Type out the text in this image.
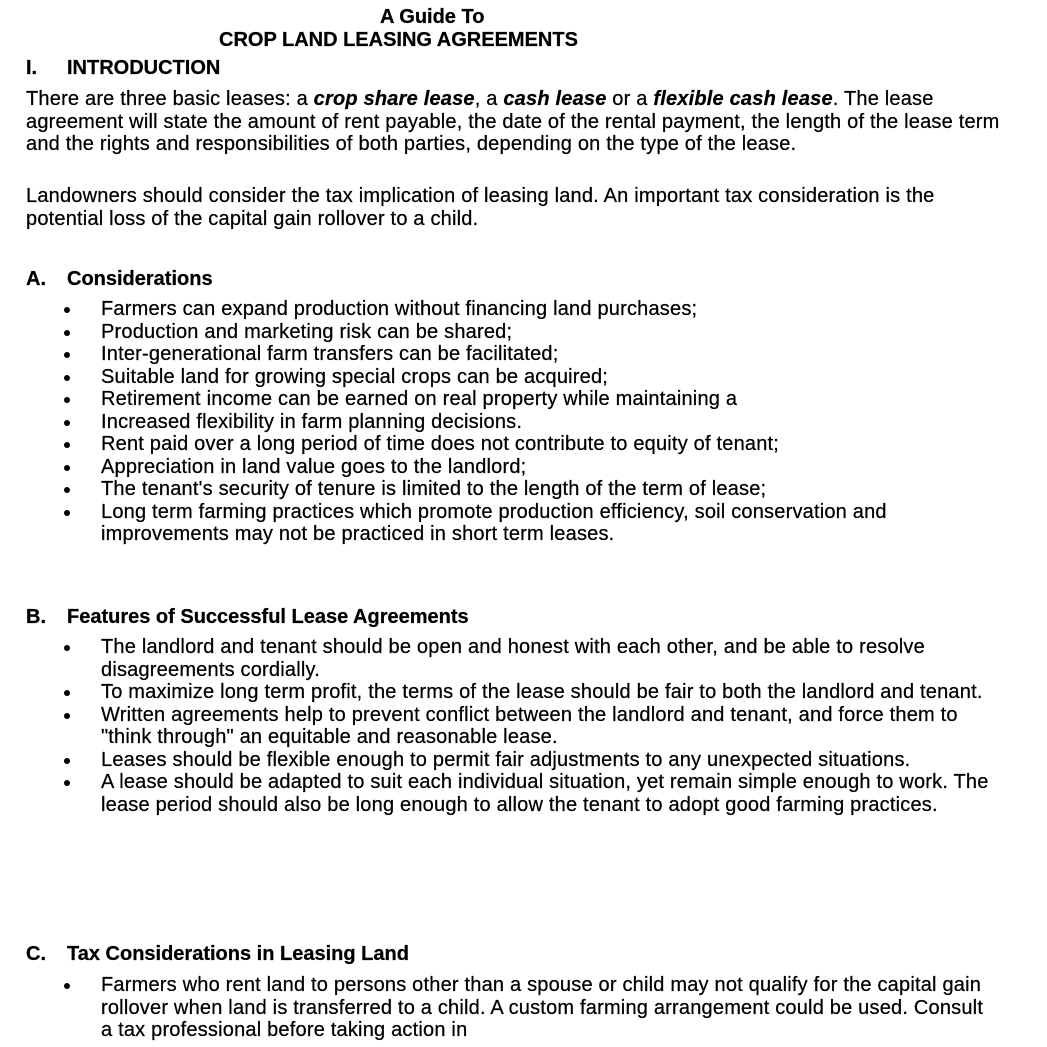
A Guide To
CROP LAND LEASING AGREEMENTS
I. INTRODUCTION
There are three basic leases: a crop share lease, a cash lease or a flexible cash lease. The lease agreement will state the amount of rent payable, the date of the rental payment, the length of the lease term and the rights and responsibilities of both parties, depending on the type of the lease.
Landowners should consider the tax implication of leasing land. An important tax consideration is the potential loss of the capital gain rollover to a child.
A. Considerations
Farmers can expand production without financing land purchases;
Production and marketing risk can be shared;
Inter-generational farm transfers can be facilitated;
Suitable land for growing special crops can be acquired;
Retirement income can be earned on real property while maintaining a
Increased flexibility in farm planning decisions.
Rent paid over a long period of time does not contribute to equity of tenant;
Appreciation in land value goes to the landlord;
The tenant's security of tenure is limited to the length of the term of lease;
Long term farming practices which promote production efficiency, soil conservation and improvements may not be practiced in short term leases.
B. Features of Successful Lease Agreements
The landlord and tenant should be open and honest with each other, and be able to resolve disagreements cordially.
To maximize long term profit, the terms of the lease should be fair to both the landlord and tenant.
Written agreements help to prevent conflict between the landlord and tenant, and force them to "think through" an equitable and reasonable lease.
Leases should be flexible enough to permit fair adjustments to any unexpected situations.
A lease should be adapted to suit each individual situation, yet remain simple enough to work. The lease period should also be long enough to allow the tenant to adopt good farming practices.
C. Tax Considerations in Leasing Land
Farmers who rent land to persons other than a spouse or child may not qualify for the capital gain rollover when land is transferred to a child. A custom farming arrangement could be used. Consult a tax professional before taking action in
